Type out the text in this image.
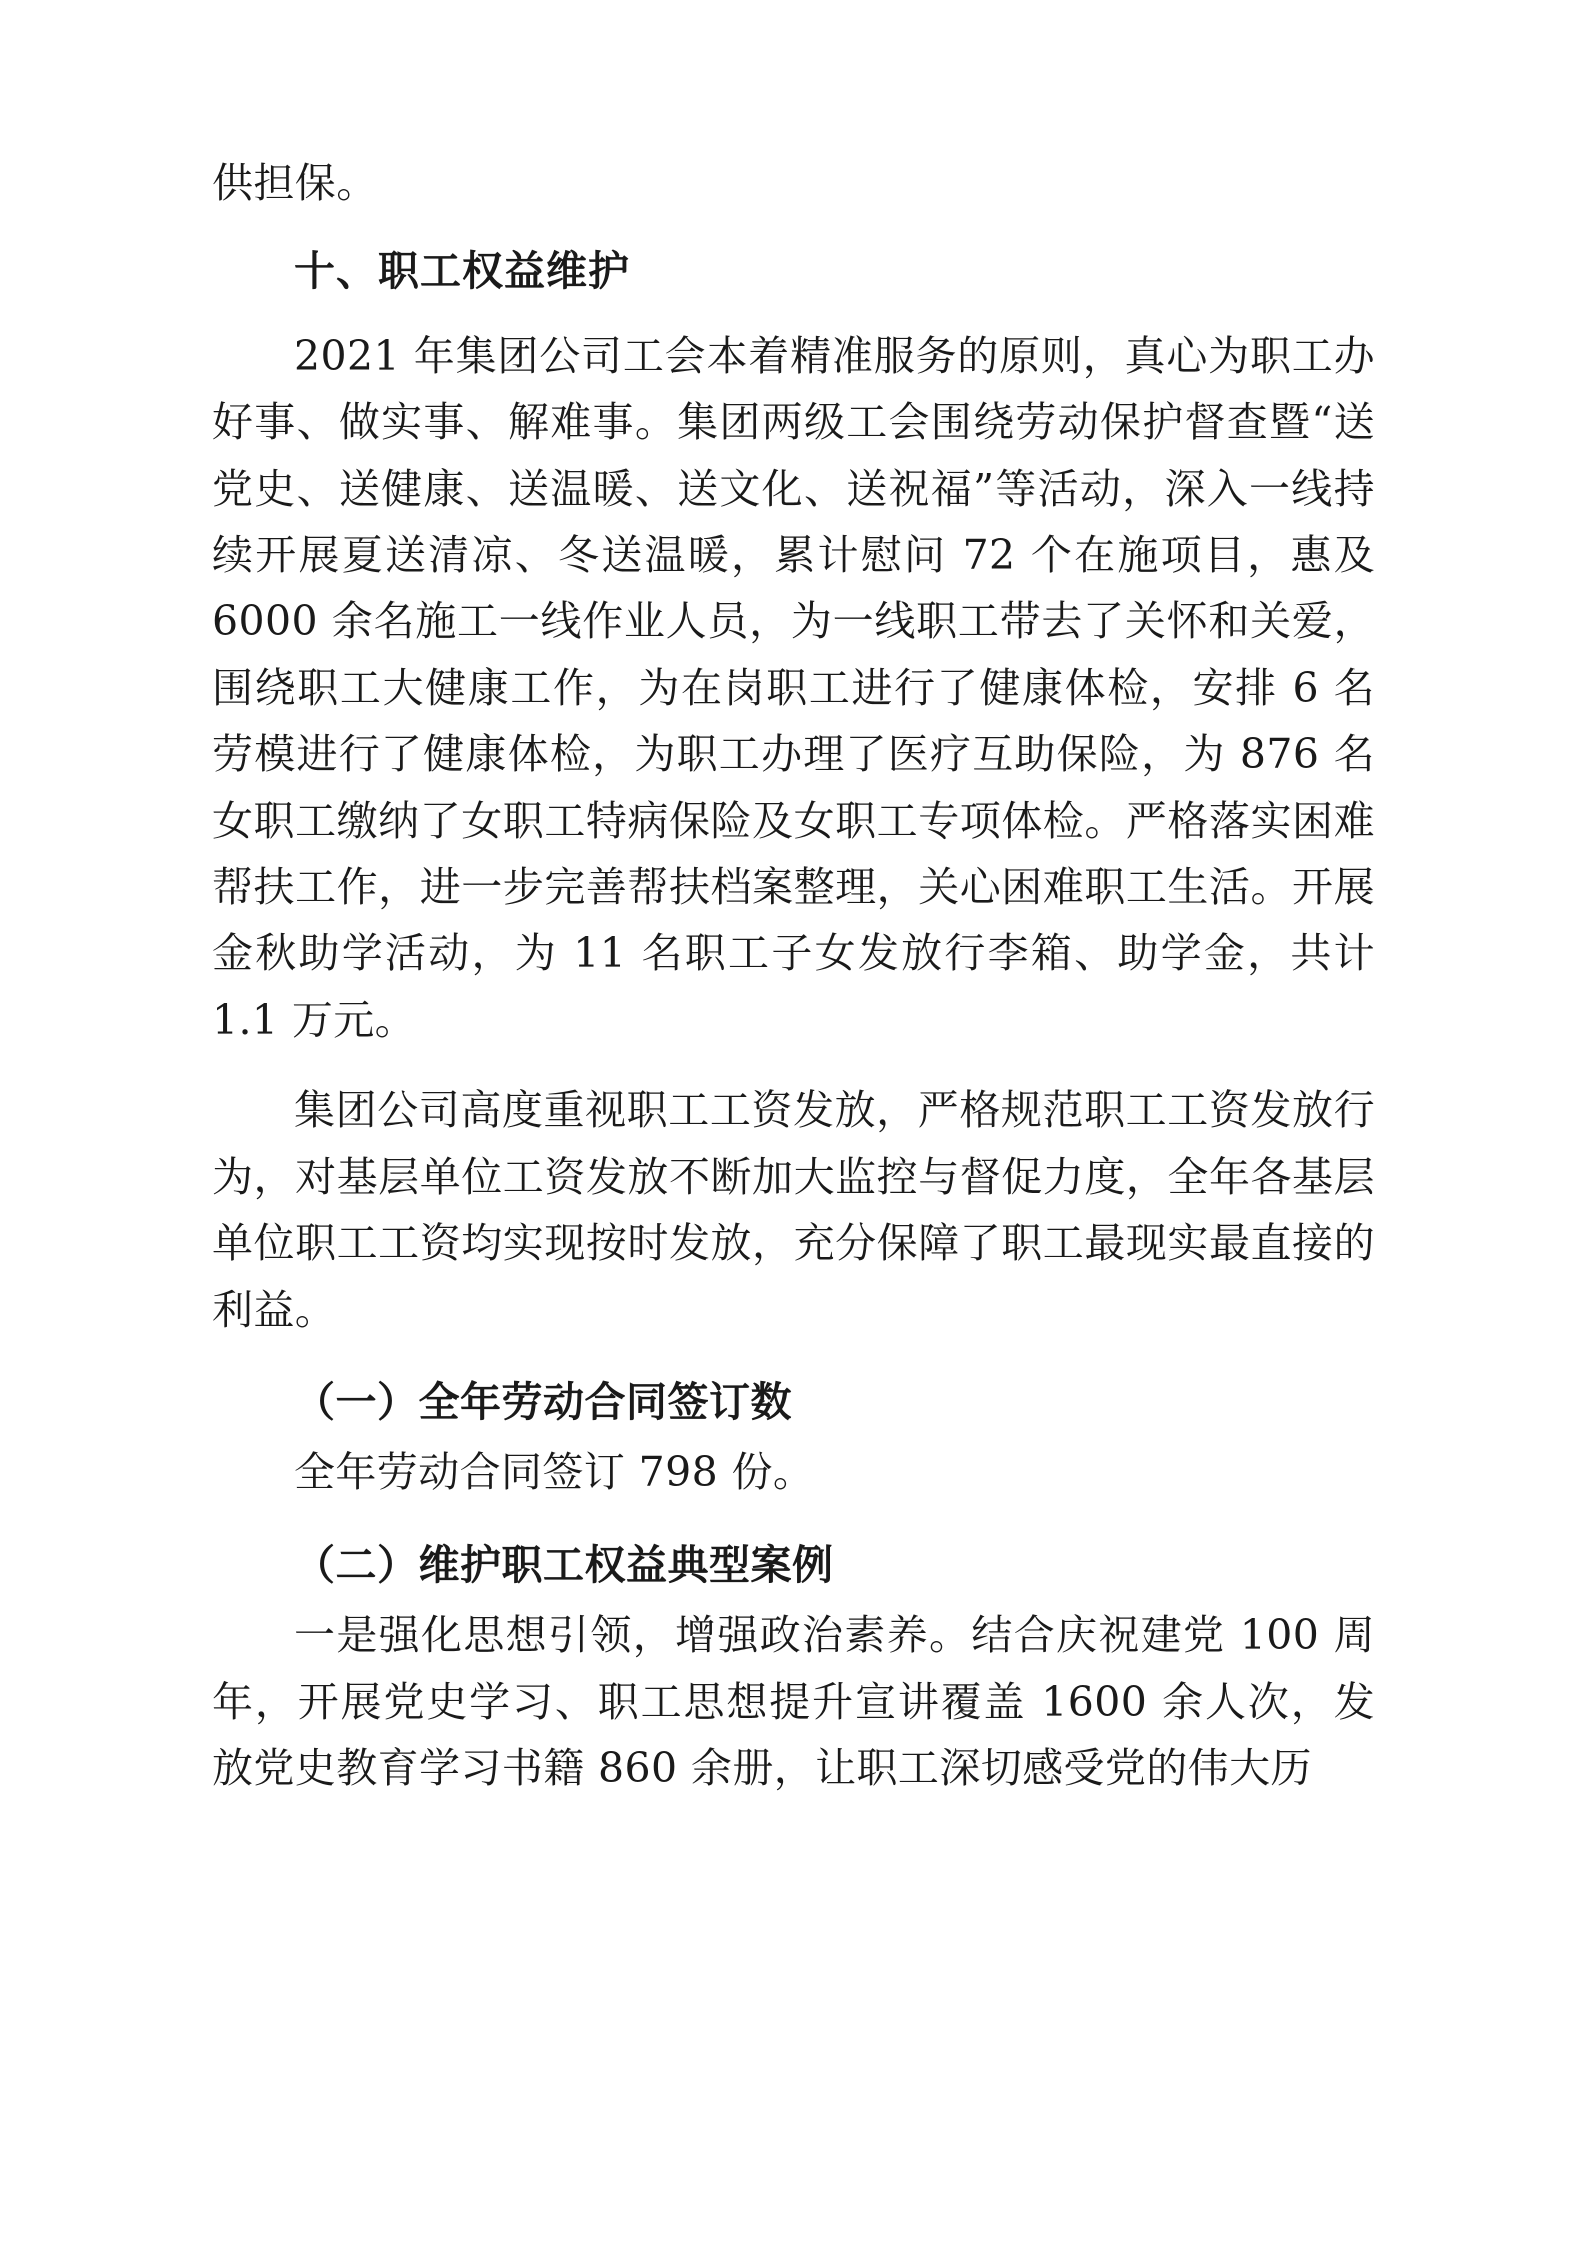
供担保。

十、职工权益维护

2021 年集团公司工会本着精准服务的原则，真心为职工办好事、做实事、解难事。集团两级工会围绕劳动保护督查暨“送党史、送健康、送温暖、送文化、送祝福”等活动，深入一线持续开展夏送清凉、冬送温暖，累计慰问 72 个在施项目，惠及 6000 余名施工一线作业人员，为一线职工带去了关怀和关爱，围绕职工大健康工作，为在岗职工进行了健康体检，安排 6 名劳模进行了健康体检，为职工办理了医疗互助保险，为 876 名女职工缴纳了女职工特病保险及女职工专项体检。严格落实困难帮扶工作，进一步完善帮扶档案整理，关心困难职工生活。开展金秋助学活动，为 11 名职工子女发放行李箱、助学金，共计 1.1 万元。

集团公司高度重视职工工资发放，严格规范职工工资发放行为，对基层单位工资发放不断加大监控与督促力度，全年各基层单位职工工资均实现按时发放，充分保障了职工最现实最直接的利益。

（一）全年劳动合同签订数

全年劳动合同签订 798 份。

（二）维护职工权益典型案例

一是强化思想引领，增强政治素养。结合庆祝建党 100 周年，开展党史学习、职工思想提升宣讲覆盖 1600 余人次，发放党史教育学习书籍 860 余册，让职工深切感受党的伟大历
